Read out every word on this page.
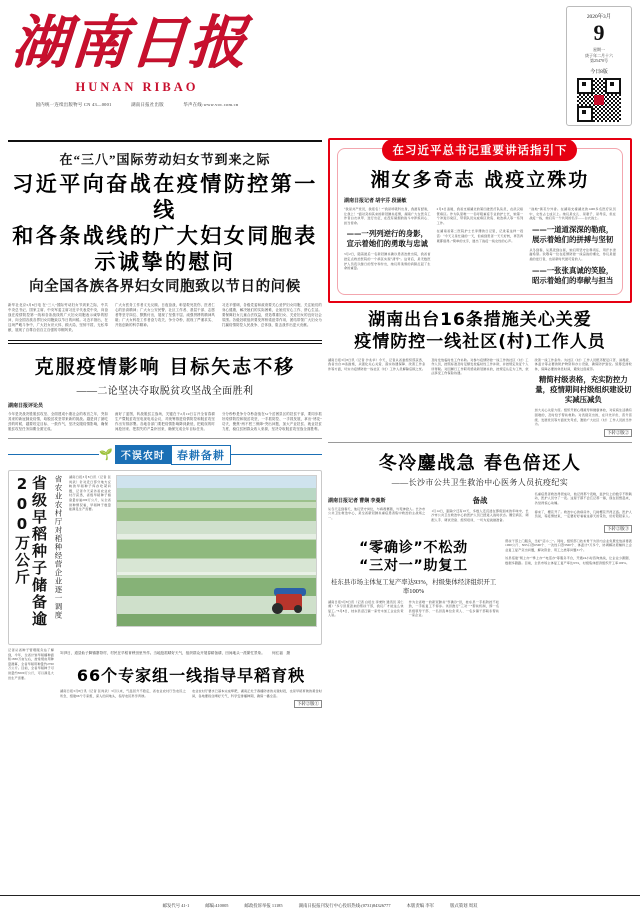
湖南日报
HUNAN RIBAO
国内统一连续出版物号 CN 43—0001	湖南日报社出版	华声在线:www.voc.com.cn
2020年3月
9
星期一
庚子年二月十六
第25470号
今日8版
在“三八”国际劳动妇女节到来之际
习近平向奋战在疫情防控第一线
和各条战线的广大妇女同胞表示诚挚的慰问
向全国各族各界妇女同胞致以节日的问候
新华社北京3月8日电 在“三八”国际劳动妇女节到来之际，中共中央总书记、国家主席、中央军委主席习近平代表党中央，向奋战在疫情防控第一线和各条战线的广大妇女同胞表示诚挚的慰问，向全国各族各界妇女同胞致以节日的问候。习近平指出，在这场严峻斗争中，广大妇女识大体、顾大局，坚韧不拔、无私奉献，展现了自尊自信自立自强的巾帼风采。
广大女医务工作者义无反顾、日夜奋战，彰显救死扶伤、医者仁心的崇高精神；广大女公安民警、社区工作者、基层干部、志愿者等坚守岗位、默默付出，展现了坚强不屈、顽强拼搏的精神风貌；广大女科技工作者奋力攻关、争分夺秒，展现了严谨求实、开拓创新的科学精神。
习近平强调，各级党委和政府要关心爱护妇女同胞，关注她们的身心健康，解决她们的实际困难，让她们安心工作、舒心生活。要保障妇女儿童合法权益，营造尊重妇女、关爱妇女的良好社会氛围。各级妇联组织要发挥桥梁纽带作用，团结带领广大妇女为打赢疫情防控人民战争、总体战、阻击战作出更大贡献。
克服疫情影响 目标矢志不移
——二论坚决夺取脱贫攻坚战全面胜利
湖南日报评论员
今年是决战决胜脱贫攻坚、全面建成小康社会的收官之年，突如其来的新冠肺炎疫情，给脱贫攻坚带来新的挑战。越是到了最吃劲的时候，越要咬定目标、一鼓作气，坚决克服疫情影响，确保脱贫攻坚任务如期全面完成。
画好了蓝图，转战脱贫主战场，关键在于2月19日召开全省春耕生产暨脱贫攻坚电视电话会议，对统筹推进疫情防控和脱贫攻坚作出安排部署。各地各部门要把疫情影响降到最低，把耽误的时间抢回来、把损失的产量补回来，确保完成全年目标任务。
分分秒秒是争分夺秒奋战在51个贫困县区的扶贫干部，要同步抓好疫情防控和脱贫攻坚，一手抓防控、一手抓发展，拿出“绣花”功夫，聚焦“两不愁三保障”突出问题，加大产业扶贫、就业扶贫力度，稳住贫困群众收入来源，坚决夺取脱贫攻坚战全面胜利。
🌱 不误农时	春耕备耕
省级早稻种子储备逾200万公斤	省农业农村厅对稻种经营企业逐一调度	湖南日报3月8日讯（记者 张尚武）针对近日部分地方反映的早稻种子库存吃紧问题，记者今天采访省农业农村厅获悉，省级早稻种子储备量存逾200万公斤，从全省供种情况看，早稻种子数量能满足生产需要。
记者从省种子管理服务站了解到，今年，全省计划早稻播种面积1830万亩左右，按常规亩用种量测算，全省早稻用种量约2700万公斤。目前，全省早稻种子可供量约3000万公斤，可以满足大田生产需要。
3月8日，道县仙子脚镇寨背村，村民在早稻育秧田里劳作。当地抢抓晴好天气，组织群众开展春耕备耕，田间地头一派繁忙景象。　　何红福　摄
66个专家组一线指导早稻育秧
湖南日报3月8日讯（记者 张尚武）3月以来，气温回升不稳定，省农业农村厅急农民之所急，组建66个专家组，深入田间地头，指导农民科学育秧。
农业农村厅要求已基本完成犁耙，湖南正处于春播防冻的关键时段，也是早稻育秧的黄金时间，各地要抓住晴好天气，科学安排播种期，确保一播全苗。
下转②版①
在习近平总书记重要讲话指引下
湘女多奇志 战疫立殊功
湖南日报记者 胡宇芬 段涵敏
“我是共产党员，我报名！”“我是呼吸科出身，我最有经验，让我上！”面对突如其来的新冠肺炎疫情，湖南广大女医务工作者白衣执甲、逆行出征，在没有硝烟的战斗中淬炼初心、担当使命。
——一列列逆行的身影，宣示着她们的勇敢与忠诚
3月2日，随着最后一名新冠肺炎确诊患者治愈出院，我省首批定点救治医院的一个病区实现“清零”。这背后，是无数医护人员夜以继日的坚守和付出，她们用柔弱的肩膀扛起了生命的重量。
2月6日凌晨，我省支援湖北的第四批医疗队队员，在武汉接管病区。作为队里唯一一名呼吸重症专业的护士长，她第一个冲进污染区，带领队员完成病区改造、收治病人等一系列工作。
在湖南省第二医院护士长李珊的日记里，记录着这样一段话：“今天又是忙碌的一天，但看到患者一天天好转，再苦再累都值得。”简单的文字，道出了战疫一线女性的心声。
“战地”黄花分外香。在湖南支援湖北的1400多名医疗队员中，女性占七成以上。她们是女儿、是妻子、是母亲，但在战疫一线，她们有一个共同的名字——白衣战士。
——一道道深深的勒痕，展示着她们的拼搏与坚韧
从冬到春，从黑夜到白昼，她们用坚守诠释责任，用汗水浇灌希望。致敬每一位在疫情防控一线奋战的湘女，你们是最美的逆行者，也是新时代最可爱的人。
——一张张真诚的笑脸，昭示着她们的奉献与担当
湖南出台16条措施关心关爱
疫情防控一线社区(村)工作人员
湖南日报3月8日讯（记者 沙兆华）今天，记者从省委组织部获悉，我省出台16条措施，从强化关心关爱、落实待遇保障、改善工作条件等方面，切实为疫情防控一线社区（村）工作人员解除后顾之忧。
及时发放临时性工作补助。对参与疫情防控一线工作的社区（村）工作人员，按照标准及时足额发放临时性工作补助，并按规定免征个人所得税。对因履行工作职责感染新冠肺炎的，按规定认定为工伤，依法享受工伤保险待遇。
改善一线工作条件。为社区（村）工作人员配齐配足口罩、消毒液、体温计等必要的防护物资和办公设备，确保防护到位。统筹安排轮休，保障必要的休息时间，避免过度疲劳。
精简村级表格，充实防控力量，疫情期间村级组织建设切实减压减负
加大关心关爱力度。组织开展心理疏导和健康体检，对家庭生活确有困难的，及时给予帮扶救助。对表现突出的，在评先评优、晋升晋级、发展党员等方面优先考虑，激励广大社区（村）工作人员担当作为。
下转②版②
冬冷鏖战急 春色倍还人
——长沙市公共卫生救治中心医务人员抗疫纪实
湖南日报记者 曹娴 李曼斯
从冬天走到春天，他们坚守岗位，与病毒赛跑，与死神抢人。长沙市公共卫生救治中心，是全省新冠肺炎重症患者集中救治的主战场之一。
备战
1月14日，距除夕还有10天，多数人还沉浸在即将到来的年味中，长沙市公共卫生救治中心的医护人员已经进入战时状态。腾空病区、调配人手、调试设备、组织培训，一切为迎战做准备。
名重症患者救治得很成功，他记得那个夜晚，监护仪上的数字不断跳动，医护人员守了一夜。这辈子都不会忘记那一幕，现在回想起来，仍觉得惊心动魄。
春来了，樱花开了。救治中心的病房外，几树樱花开得正盛。医护人员说，等疫情结束，一定要好好看看这春天的景色，好好陪陪家人。
下转②版③
“零确诊”不松劲
“三对一”助复工
桂东县市场主体复工复产率达93%，村级集体经济组织开工率100%
湖南日报3月8日讯（记者 白培生 李秉钧 通讯员 邓仁湘）“多亏县里派来的帮扶干部，我们厂才能这么快复工。”3月8日，桂东县沤江镇一家竹木加工企业负责人说。
作为全省唯一的新冠肺炎“零确诊”县，桂东县一手抓防控不松劲，一手抓复工不停步。该县推行“三对一”帮扶机制，即一名县级领导干部、一名县直单位负责人、一名乡镇干部联系帮扶一家企业。
帮扶干部上门服务，当好“店小二”。同时，组织部门技术骨干为县内企业免费发放消毒液1000公斤、N95口罩6500个、一次性口罩3500个、体温计7万多个，协调解决原辅料上企业复工复产突出问题，解决资金、用工之类等问题31个。
该县搭建“网上办”“掌上办”“电话办”等服务平台，开通24小时咨询热线，让企业少跑腿、数据多跑路。目前，全县市场主体复工复产率达93%，村级集体经济组织开工率100%。
邮发代号 41-1	邮编:410005	邮政投诉举报 11185	湖南日报报刊发行中心投诉热线:(0731)84326777	本版责编 李军	版式策划 周双
